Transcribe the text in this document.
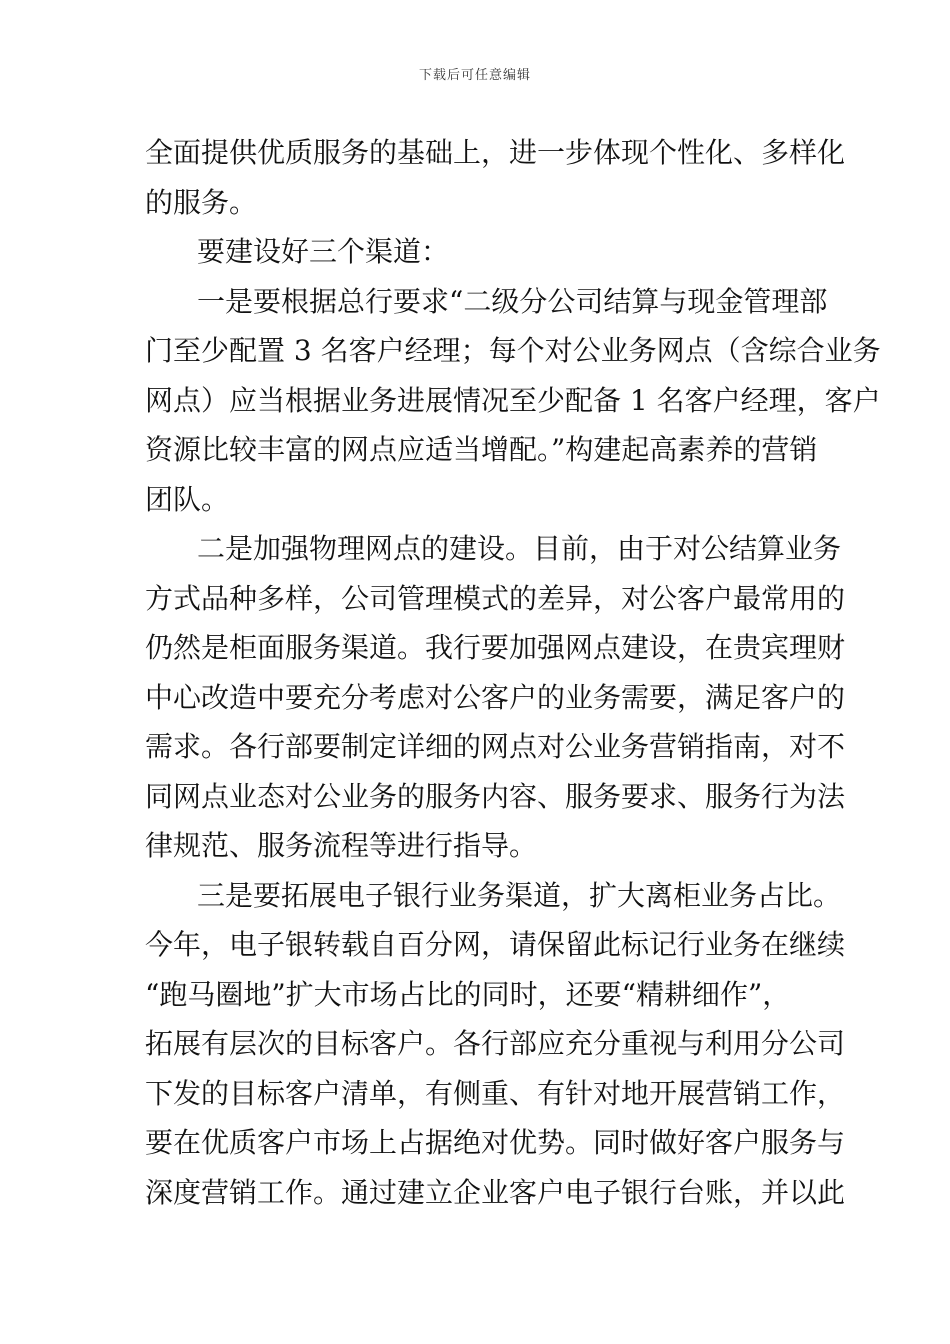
下载后可任意编辑
全面提供优质服务的基础上，进一步体现个性化、多样化
的服务。
要建设好三个渠道：
一是要根据总行要求“二级分公司结算与现金管理部
门至少配置 3 名客户经理；每个对公业务网点（含综合业务
网点）应当根据业务进展情况至少配备 1 名客户经理，客户
资源比较丰富的网点应适当增配。”构建起高素养的营销
团队。
二是加强物理网点的建设。目前，由于对公结算业务
方式品种多样，公司管理模式的差异，对公客户最常用的
仍然是柜面服务渠道。我行要加强网点建设，在贵宾理财
中心改造中要充分考虑对公客户的业务需要，满足客户的
需求。各行部要制定详细的网点对公业务营销指南，对不
同网点业态对公业务的服务内容、服务要求、服务行为法
律规范、服务流程等进行指导。
三是要拓展电子银行业务渠道，扩大离柜业务占比。
今年，电子银转载自百分网，请保留此标记行业务在继续
“跑马圈地”扩大市场占比的同时，还要“精耕细作”，
拓展有层次的目标客户。各行部应充分重视与利用分公司
下发的目标客户清单，有侧重、有针对地开展营销工作，
要在优质客户市场上占据绝对优势。同时做好客户服务与
深度营销工作。通过建立企业客户电子银行台账，并以此
